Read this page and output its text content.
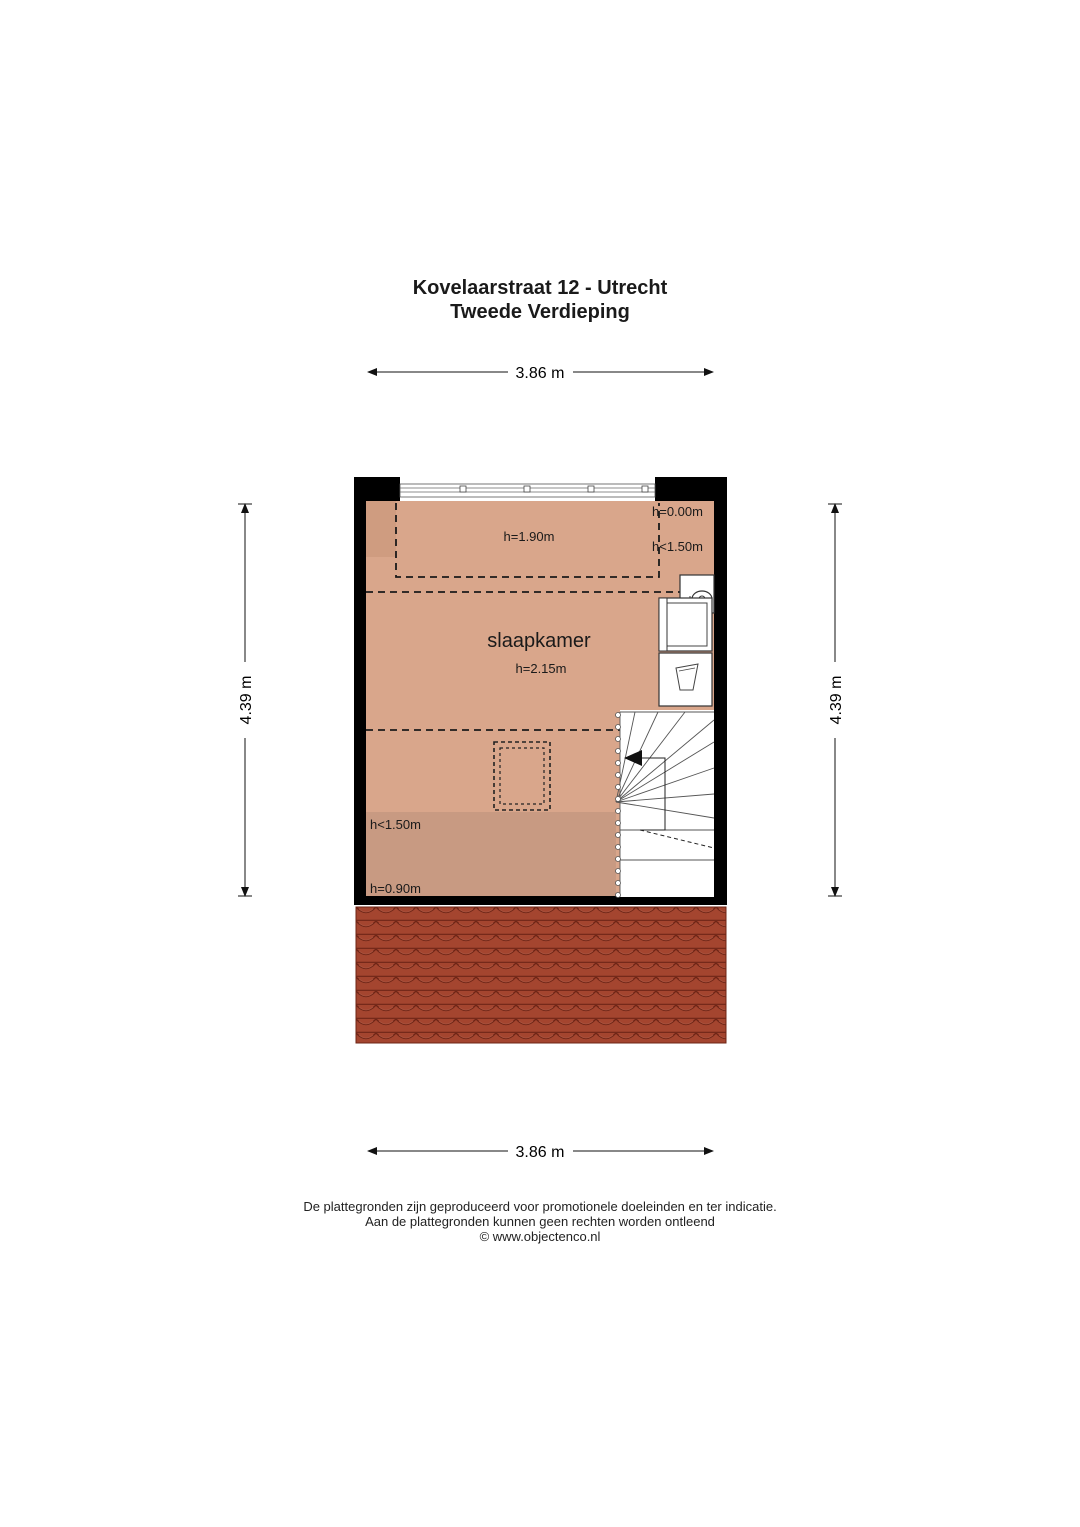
Kovelaarstraat 12 - Utrecht
Tweede Verdieping
3.86 m
3.86 m
4.39 m	4.39 m
slaapkamer
h=2.15m
h=1.90m
h=0.00m
h<1.50m
h<1.50m
h=0.90m
De plattegronden zijn geproduceerd voor promotionele doeleinden en ter indicatie.
Aan de plattegronden kunnen geen rechten worden ontleend
© www.objectenco.nl
